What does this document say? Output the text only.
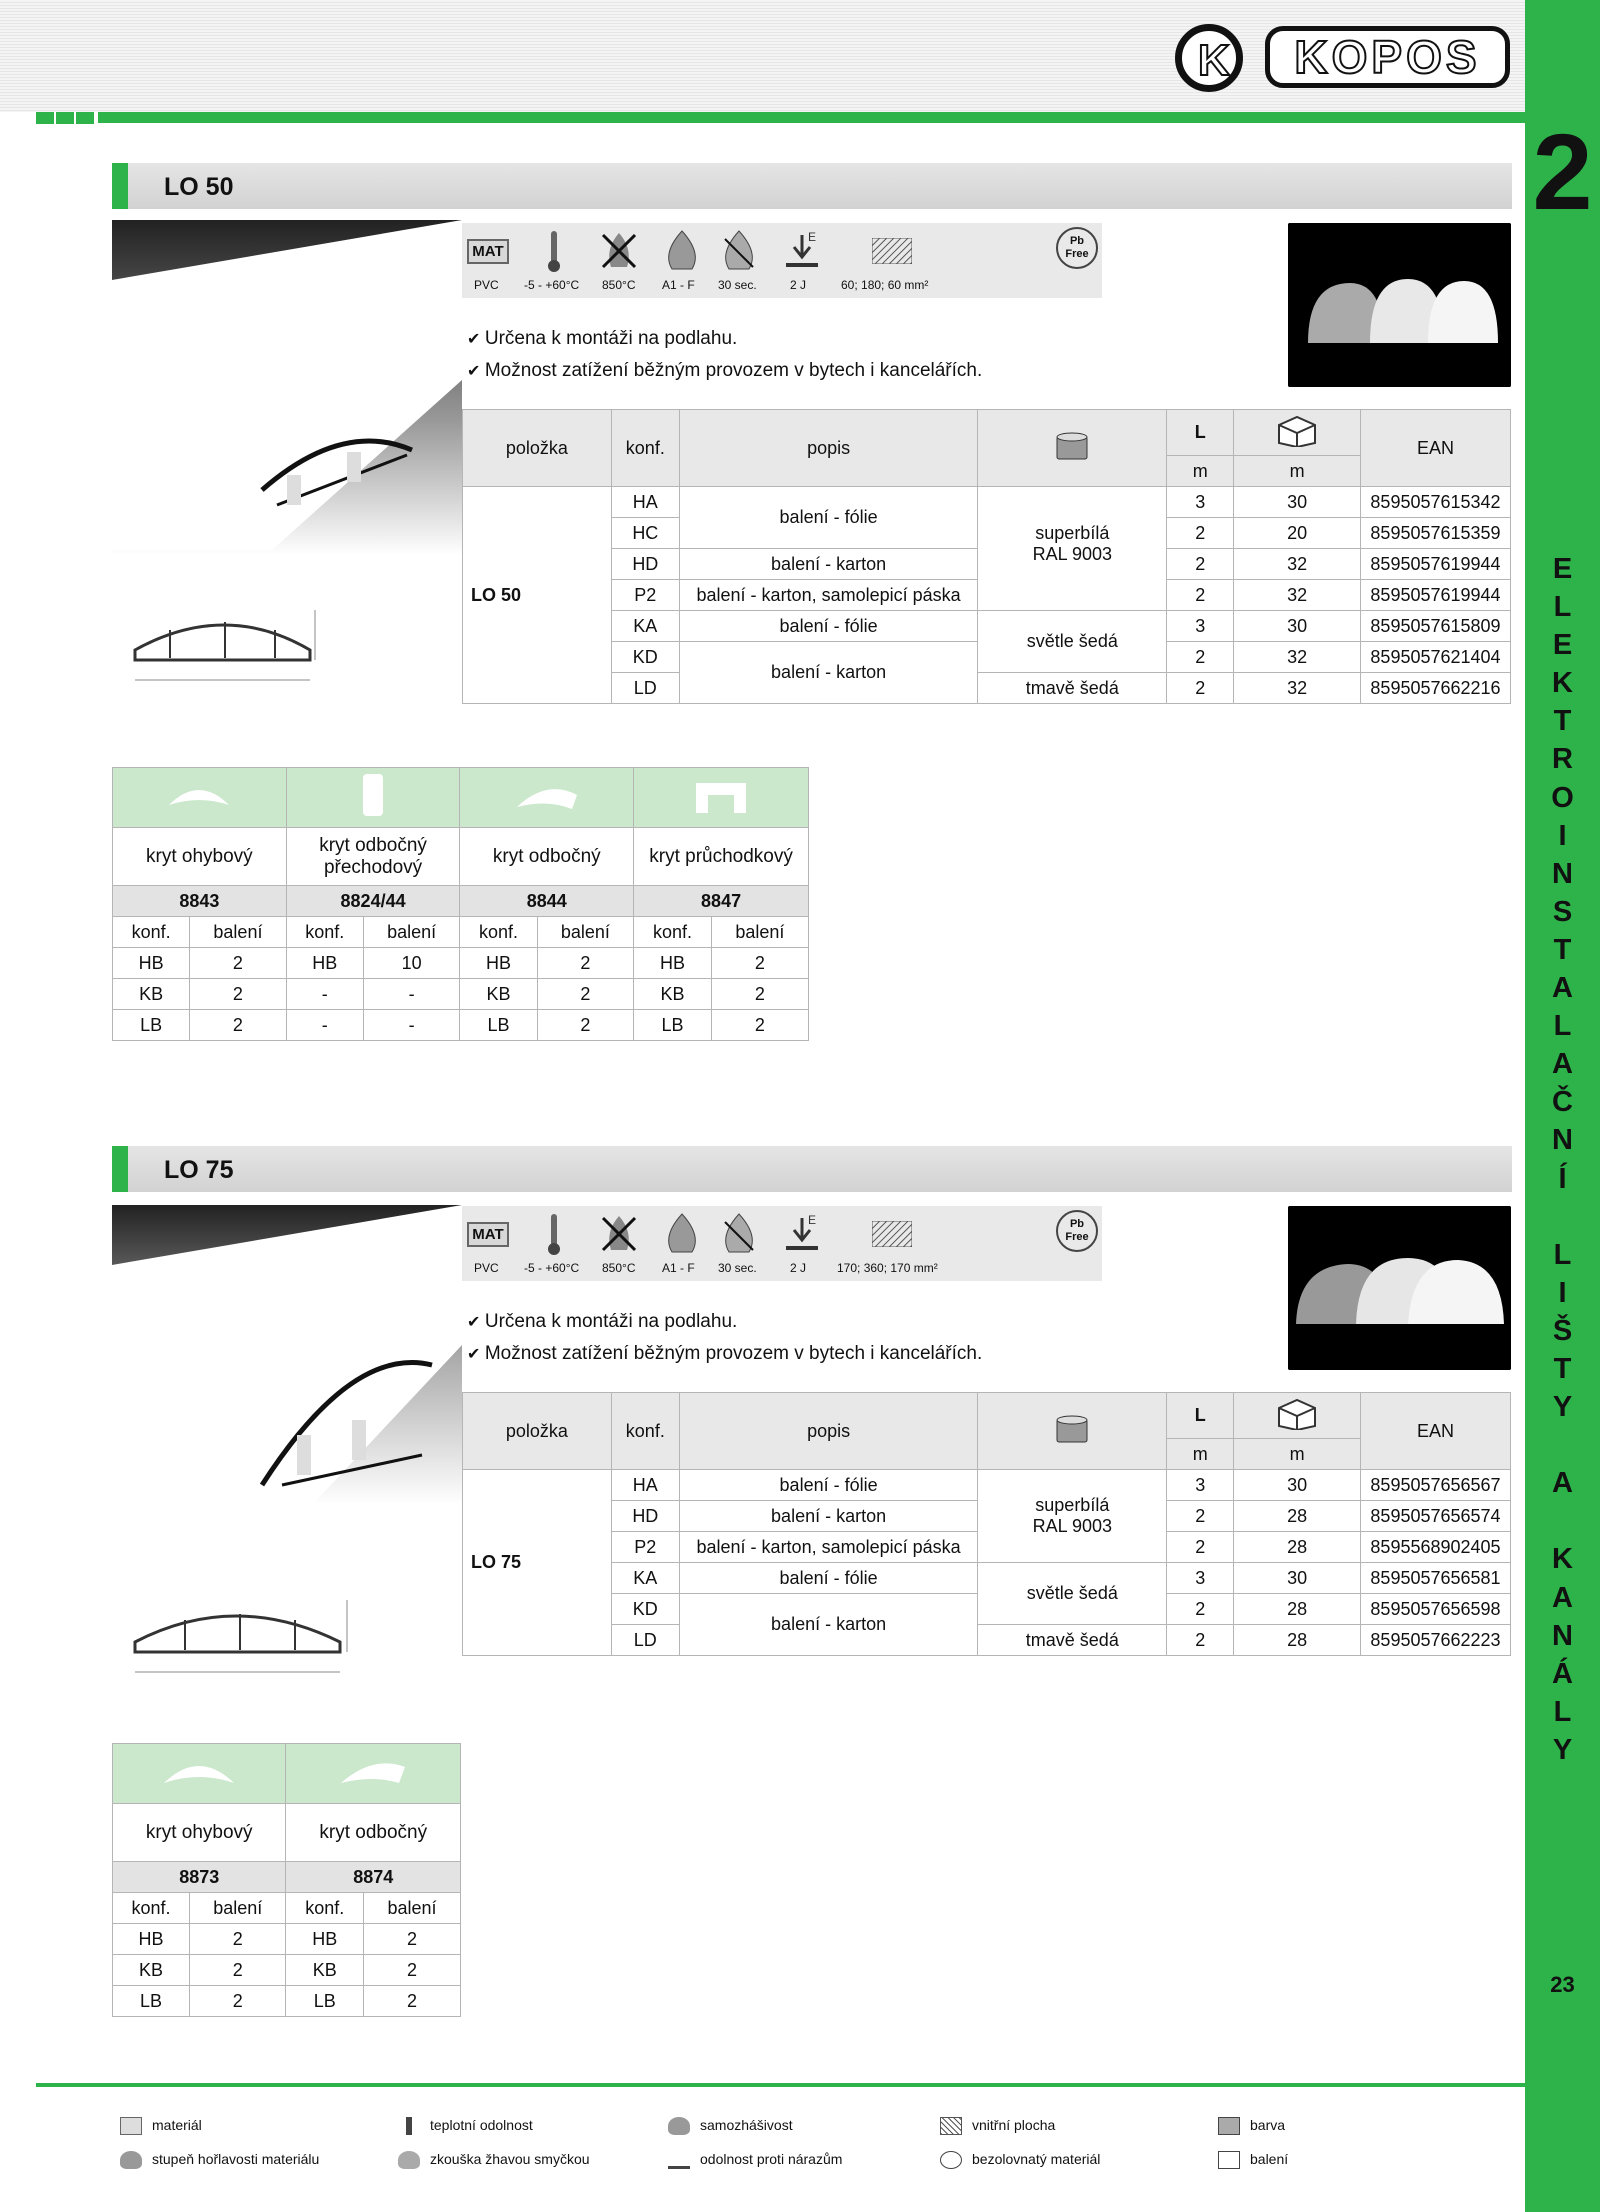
K KOPOS
2
E
L
E
K
T
R
O
I
N
S
T
A
L
A
Č
N
Í

L
I
Š
T
Y

A

K
A
N
Á
L
Y
23
LO 50
MAT
E	Pb
Free
PVC -5 - +60°C 850°C A1 - F 30 sec.	2 J	60; 180; 60 mm²
✔ Určena k montáži na podlahu.
✔ Možnost zatížení běžným provozem v bytech i kancelářích.
položka	konf.	popis		L		EAN
				m	m	
LO 50	HA	balení - fólie	superbílá RAL 9003	3	30	8595057615342
	HC			2	20	8595057615359
	HD	balení - karton		2	32	8595057619944
	P2	balení - karton, samolepicí páska		2	32	8595057619944
	KA	balení - fólie	světle šedá	3	30	8595057615809
	KD	balení - karton		2	32	8595057621404
	LD		tmavě šedá	2	32	8595057662216

kryt ohybový		kryt odbočný přechodový		kryt odbočný		kryt průchodkový	
8843		8824/44		8844		8847	
konf.	balení	konf.	balení	konf.	balení	konf.	balení
HB	2	HB	10	HB	2	HB	2
KB	2	-	-	KB	2	KB	2
LB	2	-	-	LB	2	LB	2
LO 75
MAT
E	Pb
Free
PVC -5 - +60°C 850°C A1 - F 30 sec.	2 J	170; 360; 170 mm²
✔ Určena k montáži na podlahu.
✔ Možnost zatížení běžným provozem v bytech i kancelářích.
položka	konf.	popis		L		EAN
				m	m	
LO 75	HA	balení - fólie	superbílá RAL 9003	3	30	8595057656567
	HD	balení - karton		2	28	8595057656574
	P2	balení - karton, samolepicí páska		2	28	8595568902405
	KA	balení - fólie	světle šedá	3	30	8595057656581
	KD	balení - karton		2	28	8595057656598
	LD		tmavě šedá	2	28	8595057662223

kryt ohybový		kryt odbočný	
8873		8874	
konf.	balení	konf.	balení
HB	2	HB	2
KB	2	KB	2
LB	2	LB	2
materiál	teplotní odolnost	samozhášivost	vnitřní plocha	barva
stupeň hořlavosti materiálu	zkouška žhavou smyčkou	odolnost proti nárazům	bezolovnatý materiál	balení
